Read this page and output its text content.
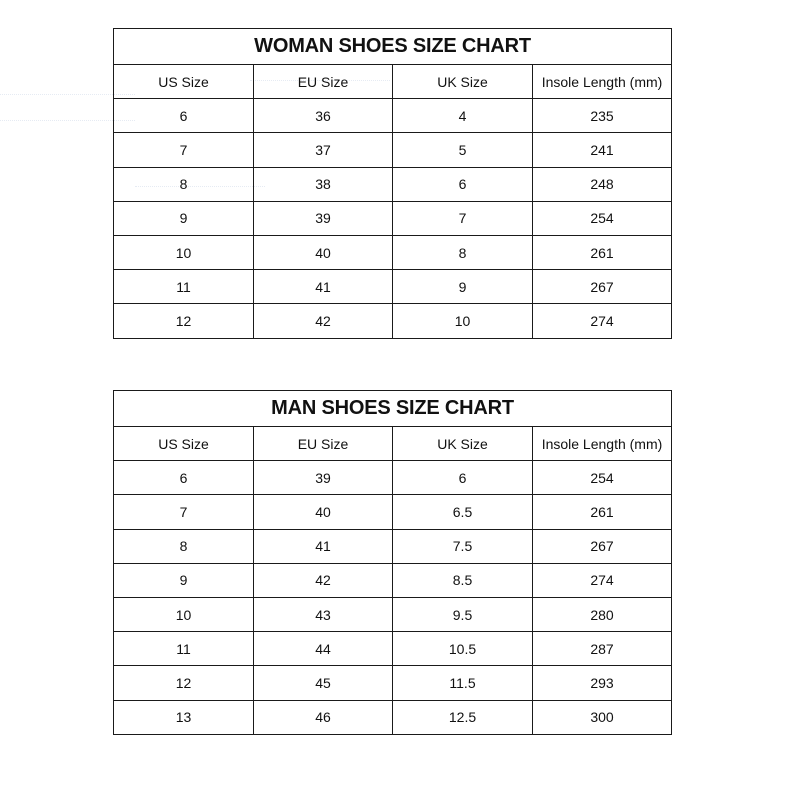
WOMAN SHOES SIZE CHART			
US Size	EU Size	UK Size	Insole Length (mm)
6	36	4	235
7	37	5	241
8	38	6	248
9	39	7	254
10	40	8	261
11	41	9	267
12	42	10	274
MAN SHOES SIZE CHART			
US Size	EU Size	UK Size	Insole Length (mm)
6	39	6	254
7	40	6.5	261
8	41	7.5	267
9	42	8.5	274
10	43	9.5	280
11	44	10.5	287
12	45	11.5	293
13	46	12.5	300
